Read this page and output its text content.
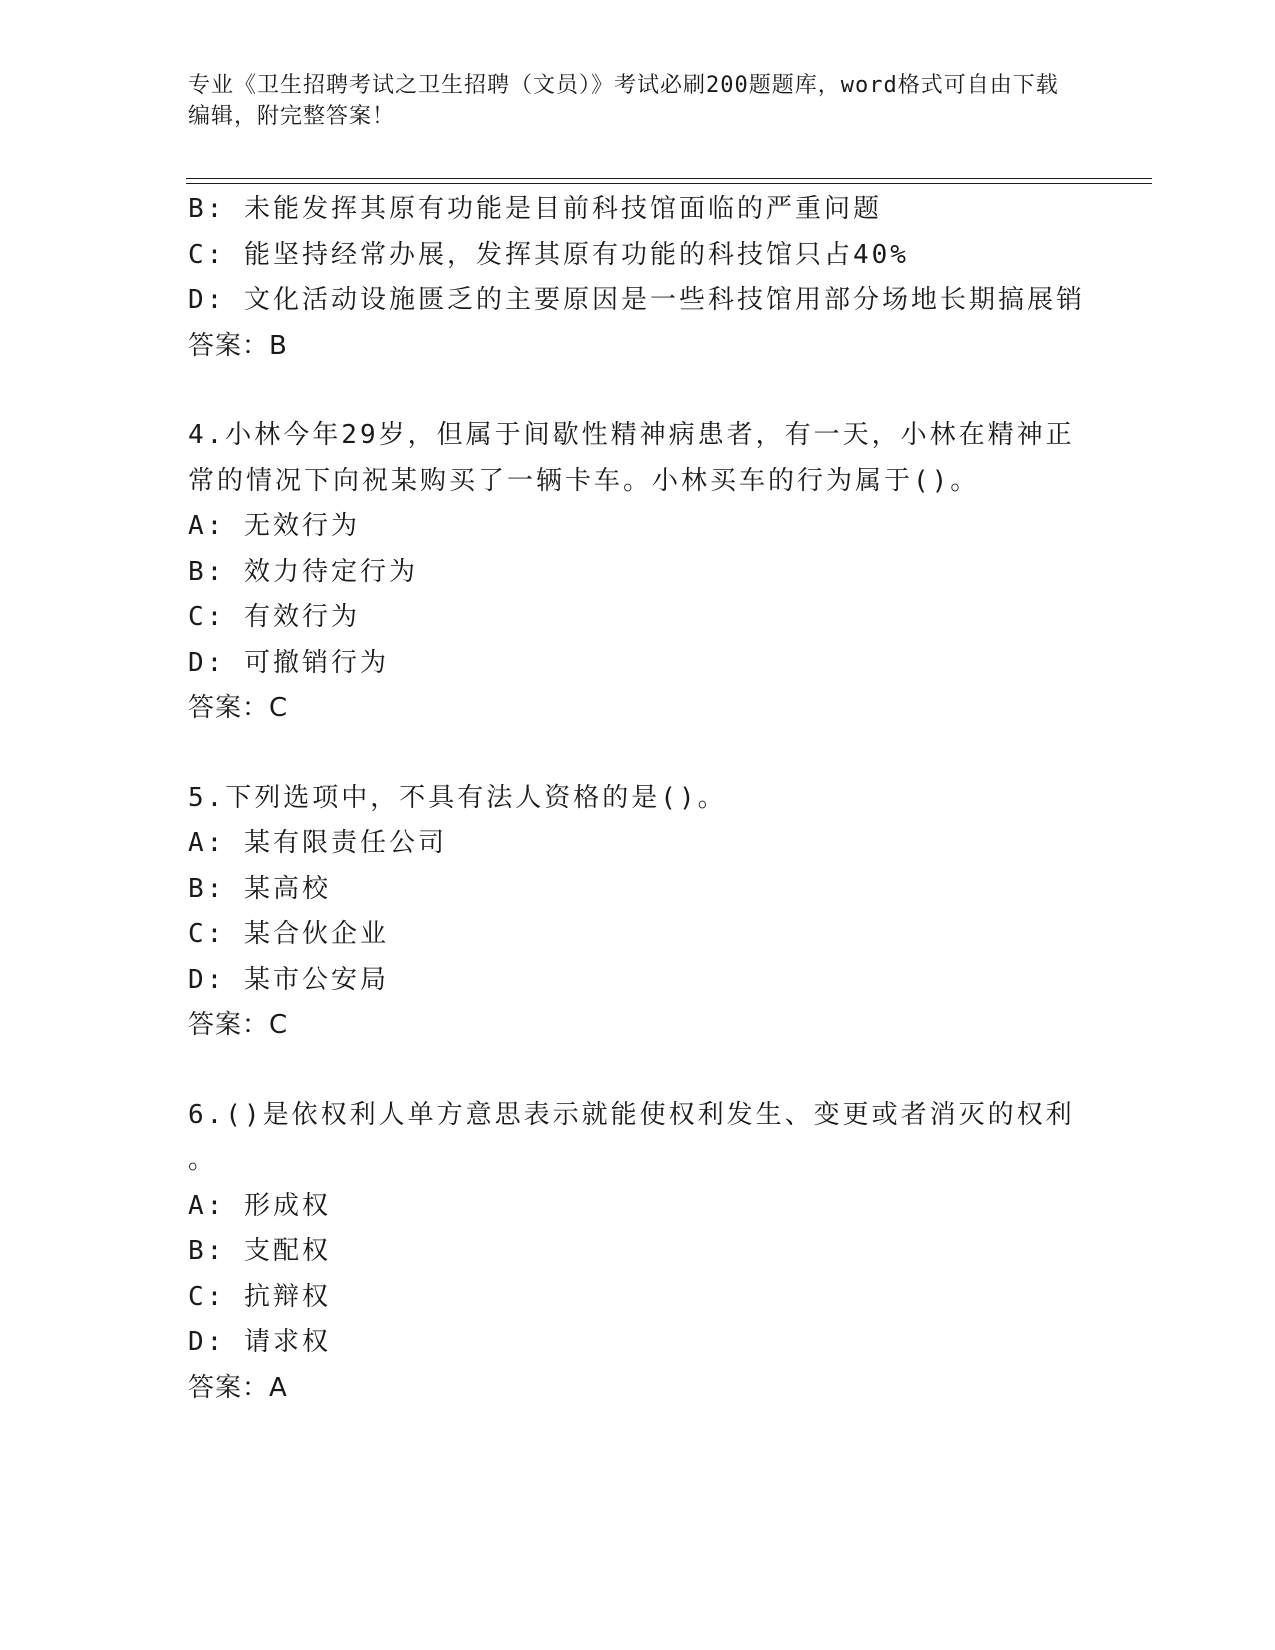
专业《卫生招聘考试之卫生招聘（文员）》考试必刷200题题库，word格式可自由下载编辑，附完整答案！
B: 未能发挥其原有功能是目前科技馆面临的严重问题
C: 能坚持经常办展，发挥其原有功能的科技馆只占40%
D: 文化活动设施匮乏的主要原因是一些科技馆用部分场地长期搞展销
答案：B
4.小林今年29岁，但属于间歇性精神病患者，有一天，小林在精神正
常的情况下向祝某购买了一辆卡车。小林买车的行为属于()。
A: 无效行为
B: 效力待定行为
C: 有效行为
D: 可撤销行为
答案：C
5.下列选项中，不具有法人资格的是()。
A: 某有限责任公司
B: 某高校
C: 某合伙企业
D: 某市公安局
答案：C
6.()是依权利人单方意思表示就能使权利发生、变更或者消灭的权利
。
A: 形成权
B: 支配权
C: 抗辩权
D: 请求权
答案：A
